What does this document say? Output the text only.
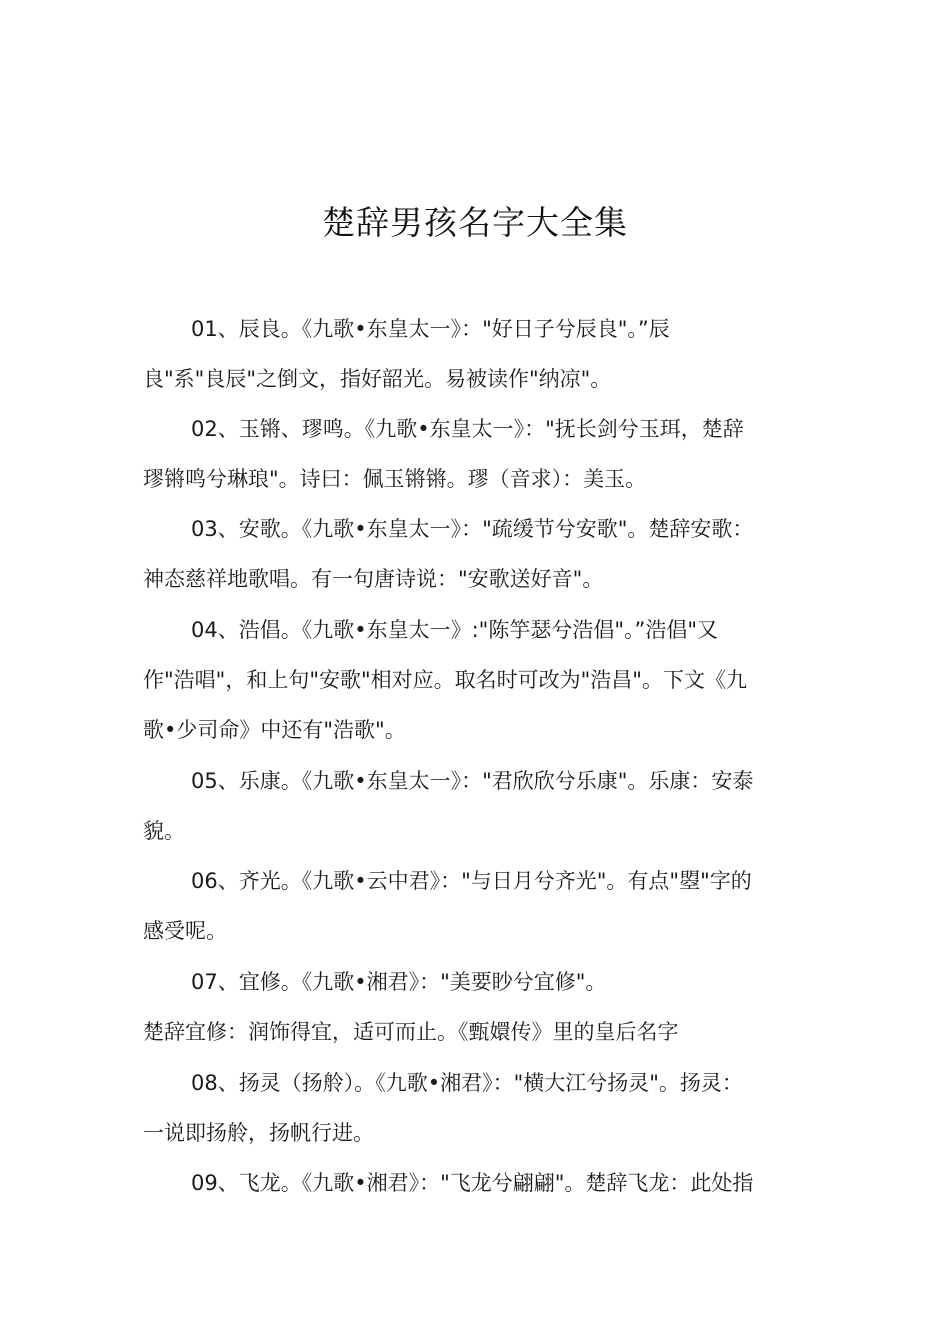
楚辞男孩名字大全集
01、辰良。《九歌•东皇太一》："好日子兮辰良"。”辰
良"系"良辰"之倒文，指好韶光。易被读作"纳凉"。
02、玉锵、璆鸣。《九歌•东皇太一》："抚长剑兮玉珥，楚辞
璆锵鸣兮琳琅"。诗曰：佩玉锵锵。璆（音求）：美玉。
03、安歌。《九歌•东皇太一》："疏缓节兮安歌"。楚辞安歌：
神态慈祥地歌唱。有一句唐诗说："安歌送好音"。
04、浩倡。《九歌•东皇太一》:"陈竽瑟兮浩倡"。”浩倡"又
作"浩唱"，和上句"安歌"相对应。取名时可改为"浩昌"。下文《九
歌•少司命》中还有"浩歌"。
05、乐康。《九歌•东皇太一》："君欣欣兮乐康"。乐康：安泰
貌。
06、齐光。《九歌•云中君》："与日月兮齐光"。有点"曌"字的
感受呢。
07、宜修。《九歌•湘君》："美要眇兮宜修"。
楚辞宜修：润饰得宜，适可而止。《甄嬛传》里的皇后名字
08、扬灵（扬舲）。《九歌•湘君》："横大江兮扬灵"。扬灵：
一说即扬舲，扬帆行进。
09、飞龙。《九歌•湘君》："飞龙兮翩翩"。楚辞飞龙：此处指
